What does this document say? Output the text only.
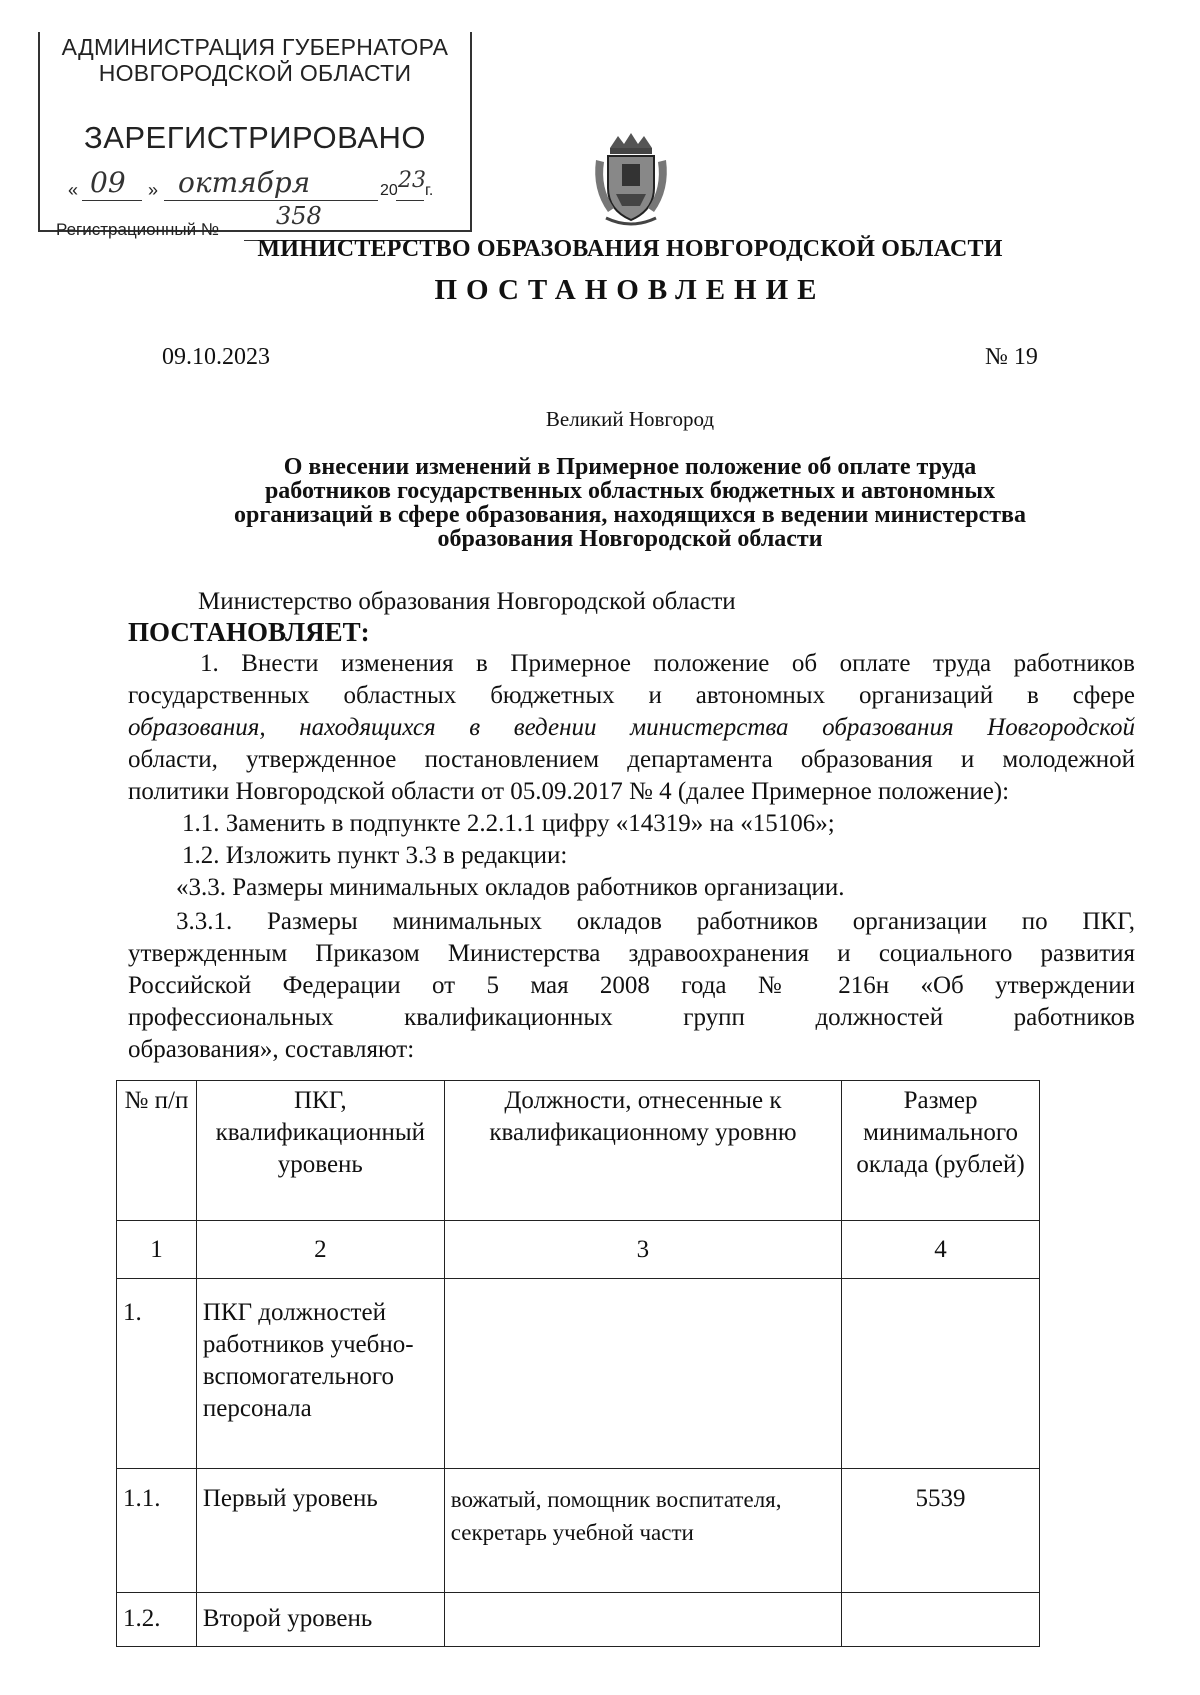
АДМИНИСТРАЦИЯ ГУБЕРНАТОРА
НОВГОРОДСКОЙ ОБЛАСТИ
ЗАРЕГИСТРИРОВАНО
« 09 » октября	20 23 г.
Регистрационный № 358
МИНИСТЕРСТВО ОБРАЗОВАНИЯ НОВГОРОДСКОЙ ОБЛАСТИ
ПОСТАНОВЛЕНИЕ
09.10.2023	№ 19
Великий Новгород
О внесении изменений в Примерное положение об оплате труда
работников государственных областных бюджетных и автономных
организаций в сфере образования, находящихся в ведении министерства
образования Новгородской области
Министерство образования Новгородской области
ПОСТАНОВЛЯЕТ:
1. Внести изменения в Примерное положение об оплате труда работников
государственных областных бюджетных и автономных организаций в сфере
образования, находящихся в ведении министерства образования Новгородской
области, утвержденное постановлением департамента образования и молодежной
политики Новгородской области от 05.09.2017 № 4 (далее Примерное положение):
1.1. Заменить в подпункте 2.2.1.1 цифру «14319» на «15106»;
1.2. Изложить пункт 3.3 в редакции:
«3.3. Размеры минимальных окладов работников организации.
3.3.1. Размеры минимальных окладов работников организации по ПКГ,
утвержденным Приказом Министерства здравоохранения и социального развития
Российской Федерации от 5 мая 2008 года № 216н «Об утверждении
профессиональных квалификационных групп должностей работников
образования», составляют:
№ п/п	ПКГ, квалификационный уровень	Должности, отнесенные к квалификационному уровню	Размер минимального оклада (рублей)
1	2	3	4
1.	ПКГ должностей работников учебно-вспомогательного персонала		
1.1.	Первый уровень	вожатый, помощник воспитателя, секретарь учебной части	5539
1.2.	Второй уровень		
